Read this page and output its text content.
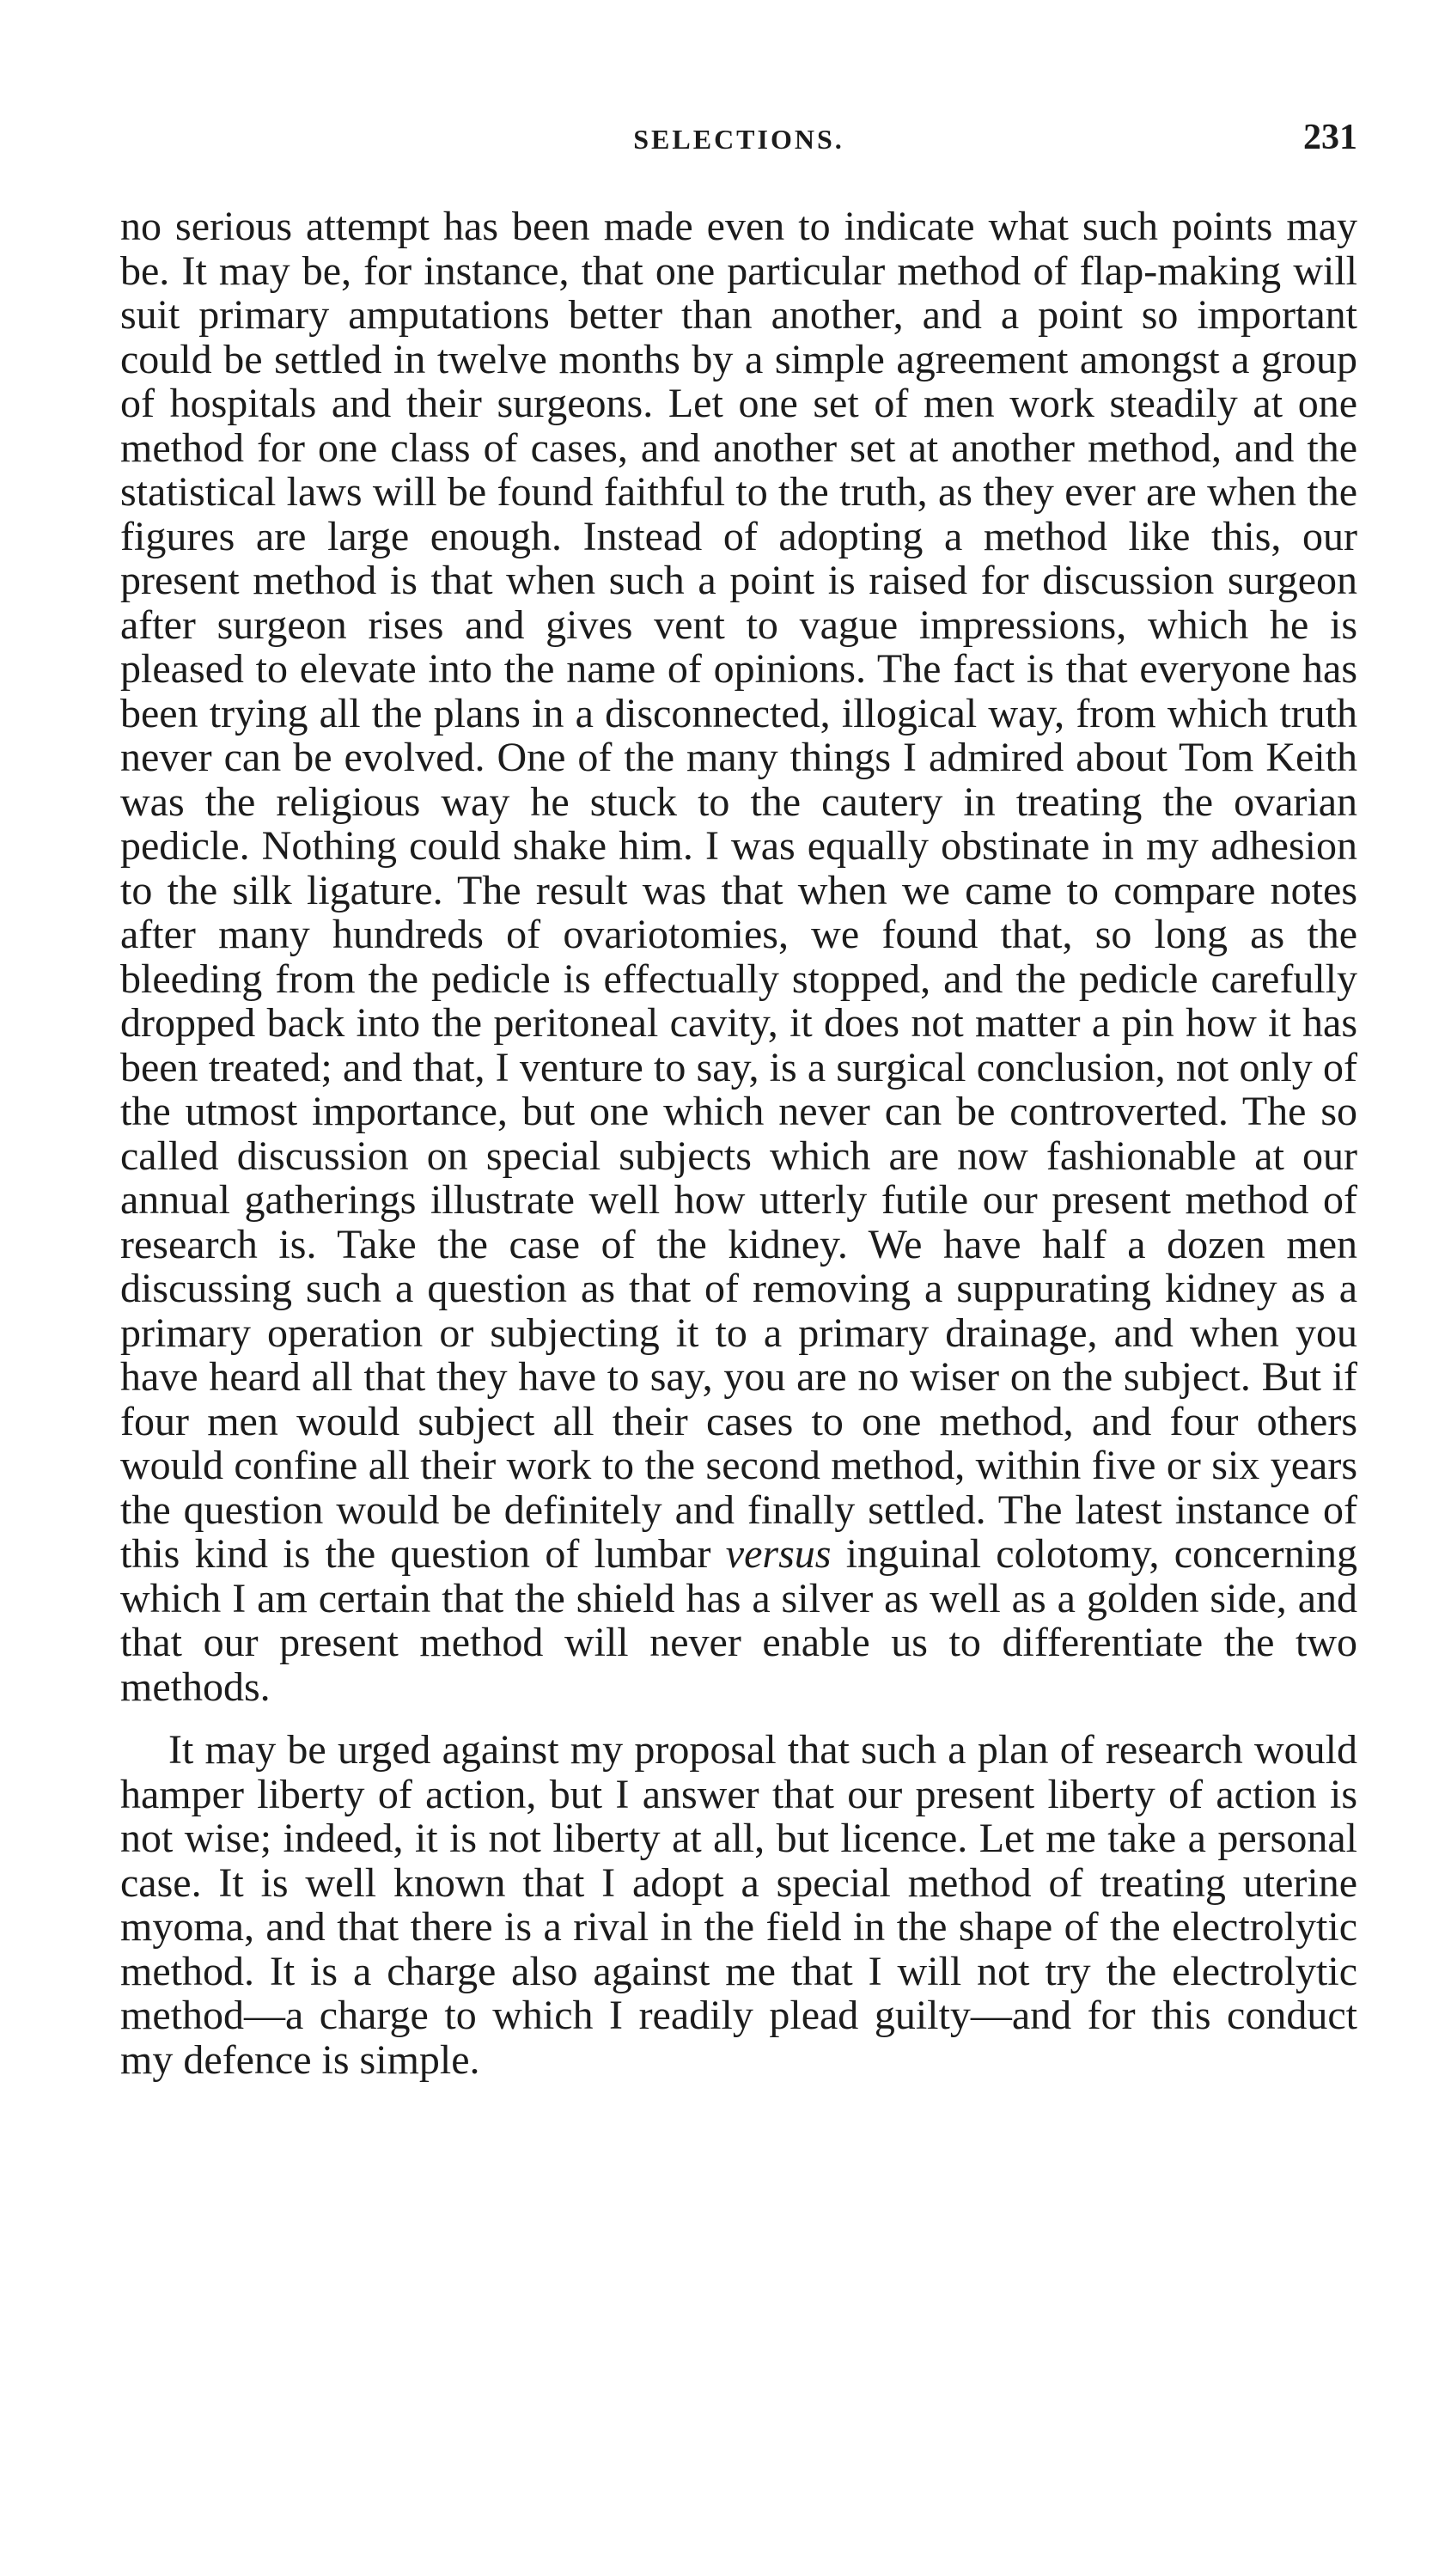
SELECTIONS.	231

no serious attempt has been made even to indicate what such points may be. It may be, for instance, that one particular method of flap-making will suit primary amputations better than another, and a point so important could be settled in twelve months by a simple agreement amongst a group of hospitals and their surgeons. Let one set of men work steadily at one method for one class of cases, and another set at another method, and the statistical laws will be found faithful to the truth, as they ever are when the figures are large enough. Instead of adopting a method like this, our present method is that when such a point is raised for discussion surgeon after surgeon rises and gives vent to vague impressions, which he is pleased to elevate into the name of opinions. The fact is that everyone has been trying all the plans in a disconnected, illogical way, from which truth never can be evolved. One of the many things I admired about Tom Keith was the religious way he stuck to the cautery in treating the ovarian pedicle. Nothing could shake him. I was equally obstinate in my adhesion to the silk ligature. The result was that when we came to compare notes after many hundreds of ovariotomies, we found that, so long as the bleeding from the pedicle is effectually stopped, and the pedicle carefully dropped back into the peritoneal cavity, it does not matter a pin how it has been treated; and that, I venture to say, is a surgical conclusion, not only of the utmost importance, but one which never can be controverted. The so called discussion on special subjects which are now fashionable at our annual gatherings illustrate well how utterly futile our present method of research is. Take the case of the kidney. We have half a dozen men discussing such a question as that of removing a suppurating kidney as a primary operation or subjecting it to a primary drainage, and when you have heard all that they have to say, you are no wiser on the subject. But if four men would subject all their cases to one method, and four others would confine all their work to the second method, within five or six years the question would be definitely and finally settled. The latest instance of this kind is the question of lumbar versus inguinal colotomy, concerning which I am certain that the shield has a silver as well as a golden side, and that our present method will never enable us to differentiate the two methods.

It may be urged against my proposal that such a plan of research would hamper liberty of action, but I answer that our present liberty of action is not wise; indeed, it is not liberty at all, but licence. Let me take a personal case. It is well known that I adopt a special method of treating uterine myoma, and that there is a rival in the field in the shape of the electrolytic method. It is a charge also against me that I will not try the electrolytic method—a charge to which I readily plead guilty—and for this conduct my defence is simple.
